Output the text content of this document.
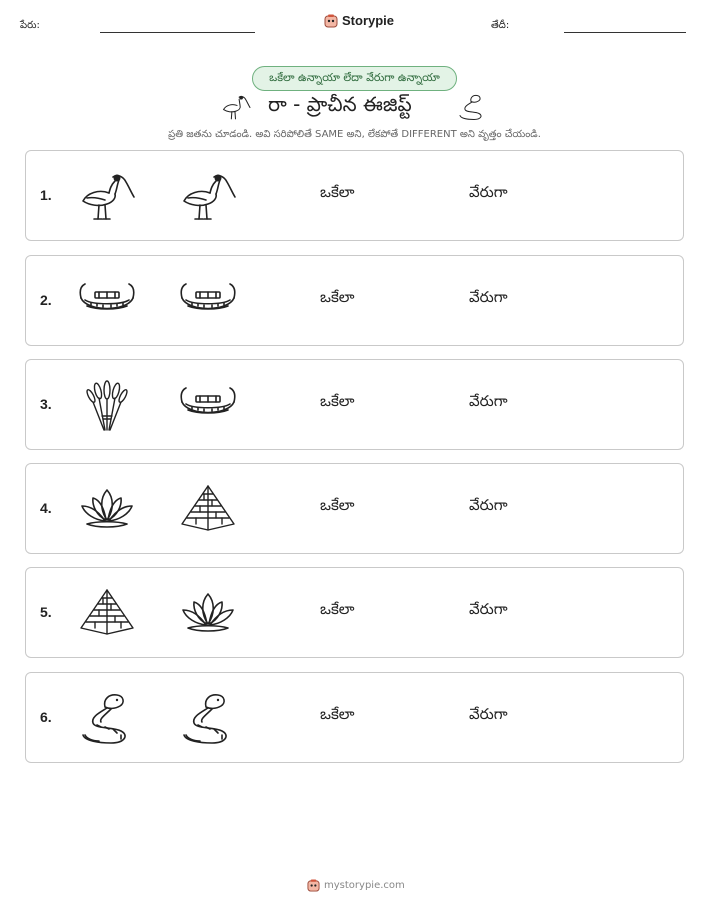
పేరు:	Storypie	తేదీ:
ఒకేలా ఉన్నాయా లేదా వేరుగా ఉన్నాయా
రా - ప్రాచీన ఈజిప్ట్
ప్రతి జతను చూడండి. అవి సరిపోలితే SAME అని, లేకపోతే DIFFERENT అని వృత్తం చేయండి.
1.	ఒకేలా	వేరుగా
2.	ఒకేలా	వేరుగా
3.	ఒకేలా	వేరుగా
4.	ఒకేలా	వేరుగా
5.	ఒకేలా	వేరుగా
6.	ఒకేలా	వేరుగా
mystorypie.com
